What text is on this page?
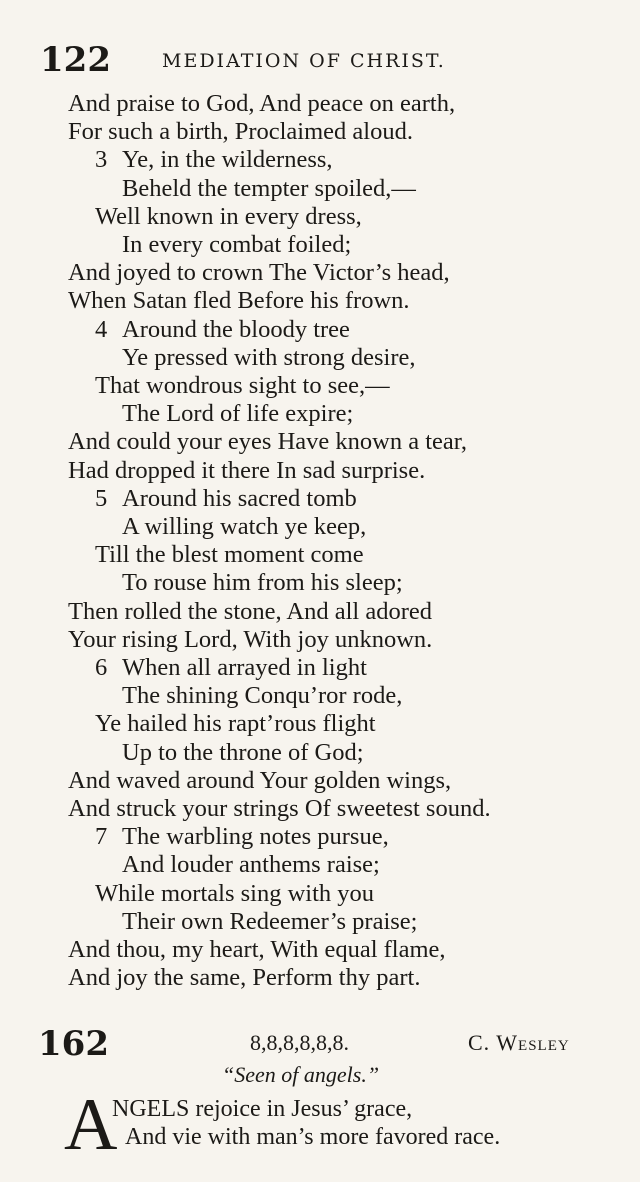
122	MEDIATION OF CHRIST.
And praise to God, And peace on earth,
For such a birth, Proclaimed aloud.
3 Ye, in the wilderness,
Beheld the tempter spoiled,—
Well known in every dress,
In every combat foiled;
And joyed to crown The Victor’s head,
When Satan fled Before his frown.
4 Around the bloody tree
Ye pressed with strong desire,
That wondrous sight to see,—
The Lord of life expire;
And could your eyes Have known a tear,
Had dropped it there In sad surprise.
5 Around his sacred tomb
A willing watch ye keep,
Till the blest moment come
To rouse him from his sleep;
Then rolled the stone, And all adored
Your rising Lord, With joy unknown.
6 When all arrayed in light
The shining Conqu’ror rode,
Ye hailed his rapt’rous flight
Up to the throne of God;
And waved around Your golden wings,
And struck your strings Of sweetest sound.
7 The warbling notes pursue,
And louder anthems raise;
While mortals sing with you
Their own Redeemer’s praise;
And thou, my heart, With equal flame,
And joy the same, Perform thy part.
162	8,8,8,8,8,8.	C. Wesley
“Seen of angels.”
A
NGELS rejoice in Jesus’ grace,
And vie with man’s more favored race.
